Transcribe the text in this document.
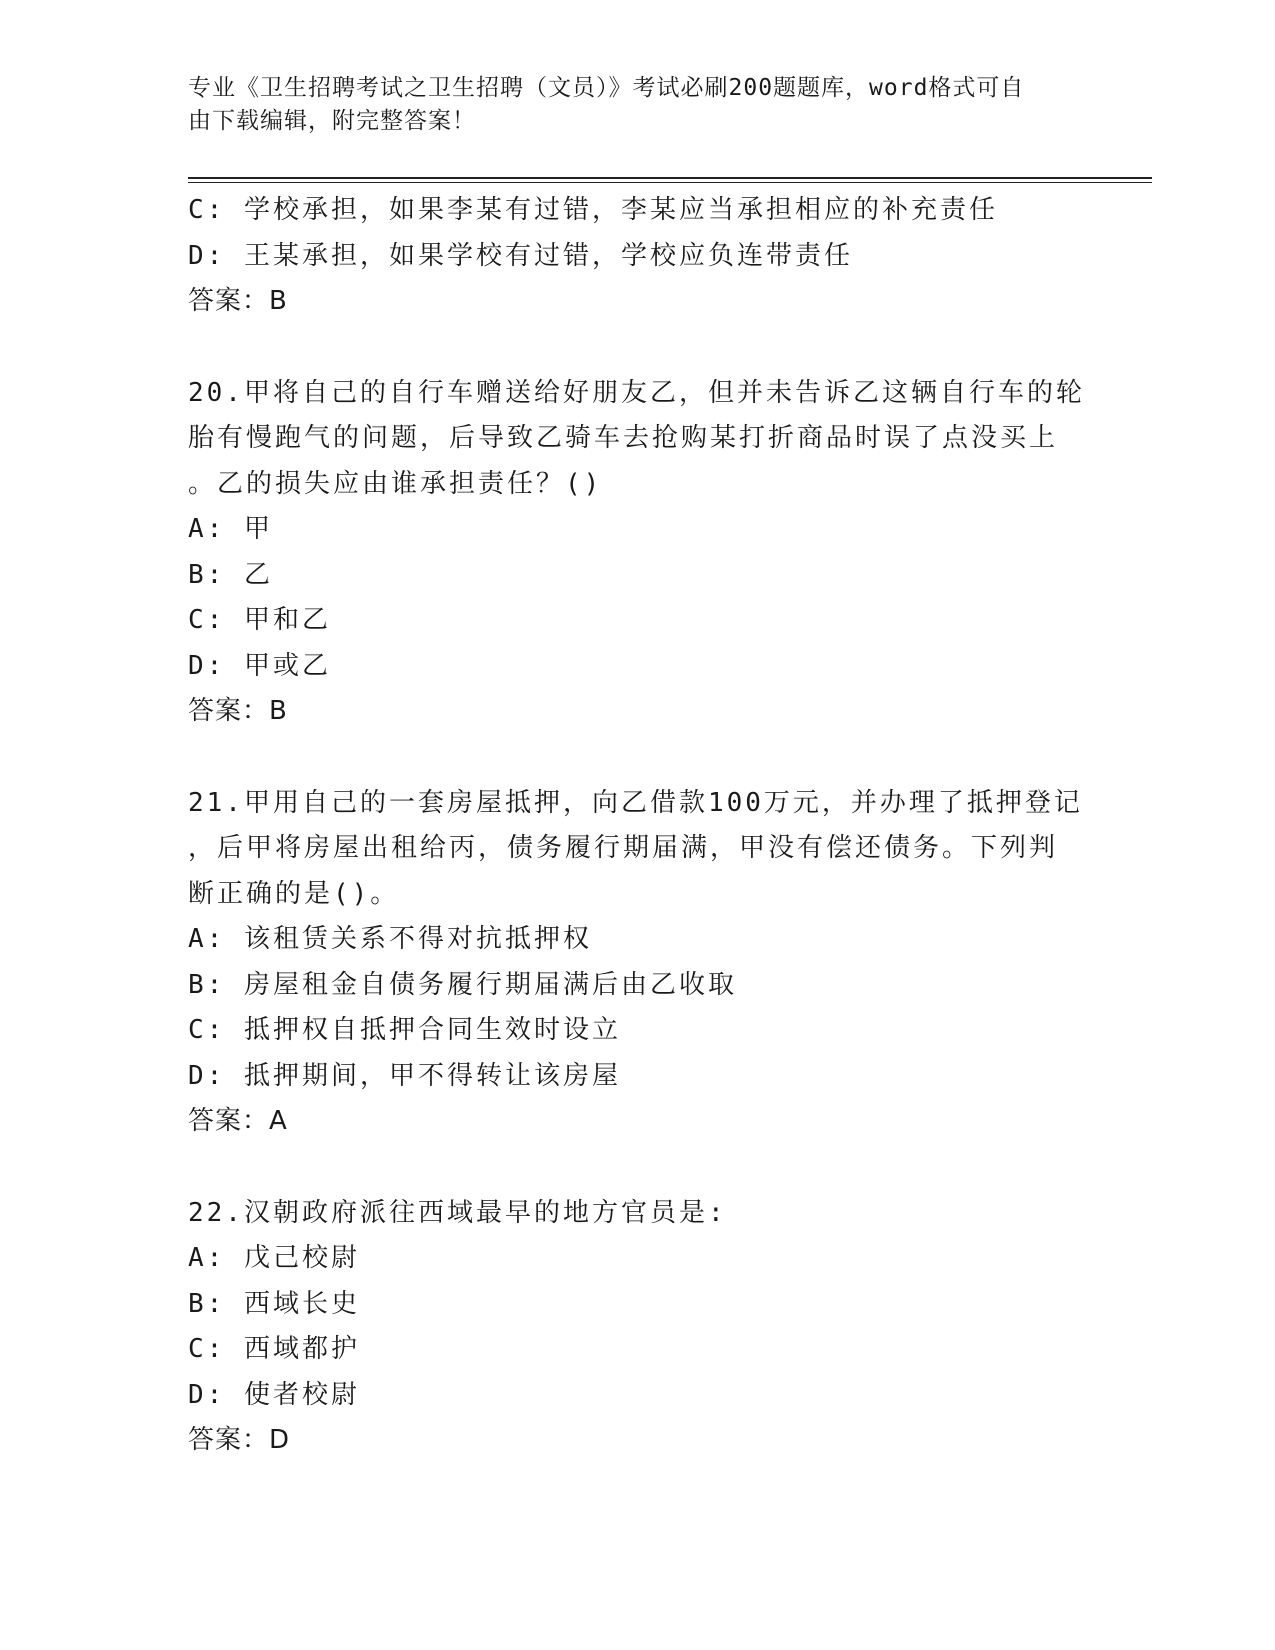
专业《卫生招聘考试之卫生招聘（文员）》考试必刷200题题库，word格式可自
由下载编辑，附完整答案！
C: 学校承担，如果李某有过错，李某应当承担相应的补充责任
D: 王某承担，如果学校有过错，学校应负连带责任
答案：B
20.甲将自己的自行车赠送给好朋友乙，但并未告诉乙这辆自行车的轮
胎有慢跑气的问题，后导致乙骑车去抢购某打折商品时误了点没买上
。乙的损失应由谁承担责任？()
A: 甲
B: 乙
C: 甲和乙
D: 甲或乙
答案：B
21.甲用自己的一套房屋抵押，向乙借款100万元，并办理了抵押登记
，后甲将房屋出租给丙，债务履行期届满，甲没有偿还债务。下列判
断正确的是()。
A: 该租赁关系不得对抗抵押权
B: 房屋租金自债务履行期届满后由乙收取
C: 抵押权自抵押合同生效时设立
D: 抵押期间，甲不得转让该房屋
答案：A
22.汉朝政府派往西域最早的地方官员是:
A: 戊己校尉
B: 西域长史
C: 西域都护
D: 使者校尉
答案：D
